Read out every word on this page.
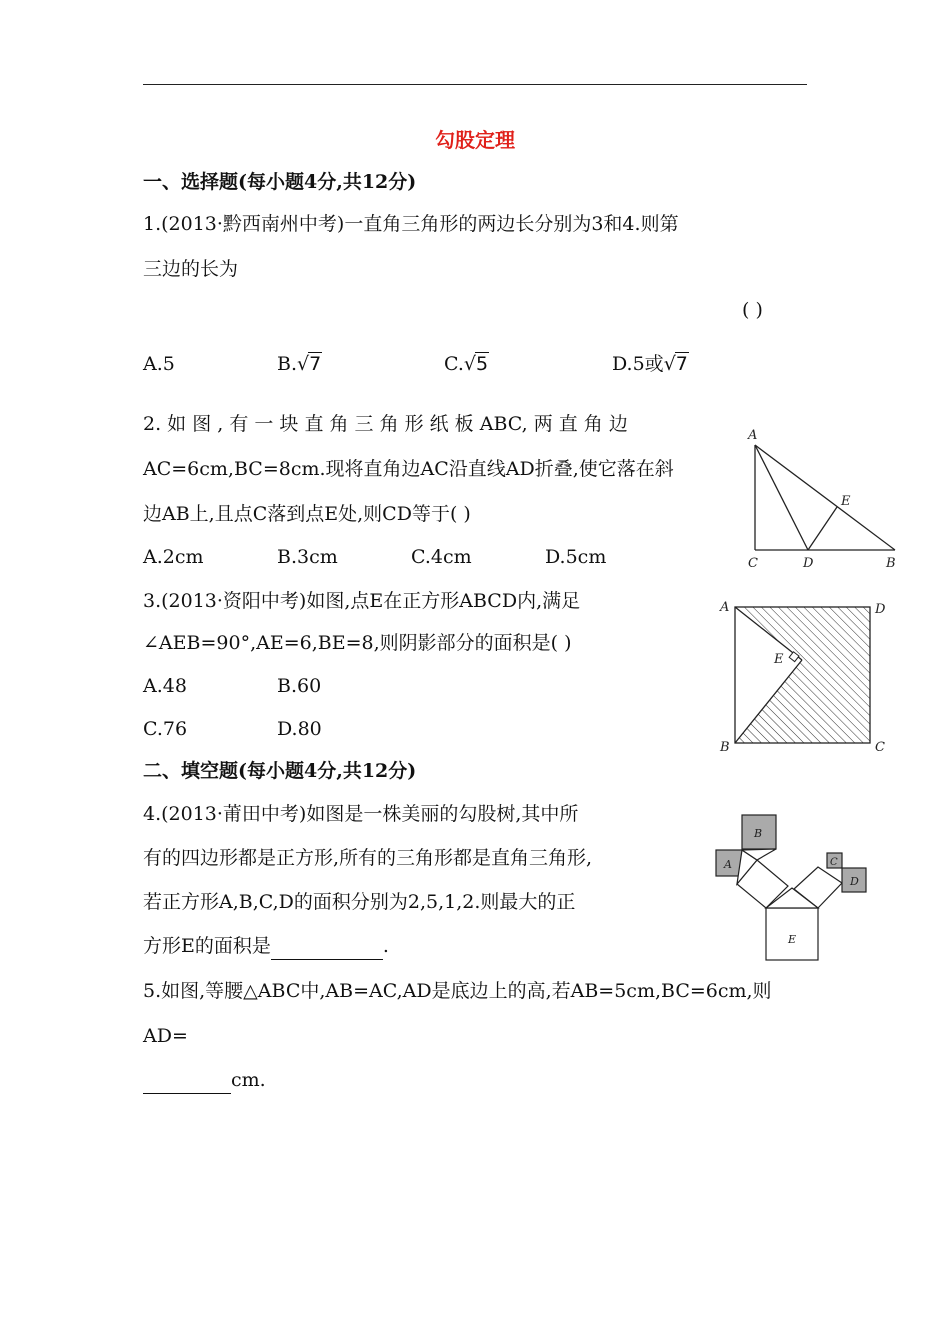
勾股定理
一、选择题(每小题4分,共12分)
1.(2013·黔西南州中考)一直角三角形的两边长分别为3和4.则第
三边的长为
( )
A.5	B.√7	C.√5	D.5或√7
2. 如 图 , 有 一 块 直 角 三 角 形 纸 板 ABC, 两 直 角 边
AC=6cm,BC=8cm.现将直角边AC沿直线AD折叠,使它落在斜
边AB上,且点C落到点E处,则CD等于( )
A.2cm	B.3cm	C.4cm	D.5cm
A
E
C	D	B
3.(2013·资阳中考)如图,点E在正方形ABCD内,满足
∠AEB=90°,AE=6,BE=8,则阴影部分的面积是( )
A.48	B.60
C.76	D.80
A	D
E
B	C
二、填空题(每小题4分,共12分)
4.(2013·莆田中考)如图是一株美丽的勾股树,其中所
有的四边形都是正方形,所有的三角形都是直角三角形,
若正方形A,B,C,D的面积分别为2,5,1,2.则最大的正
方形E的面积是	.
B
A	C
D
E
5.如图,等腰△ABC中,AB=AC,AD是底边上的高,若AB=5cm,BC=6cm,则
AD=
cm.
